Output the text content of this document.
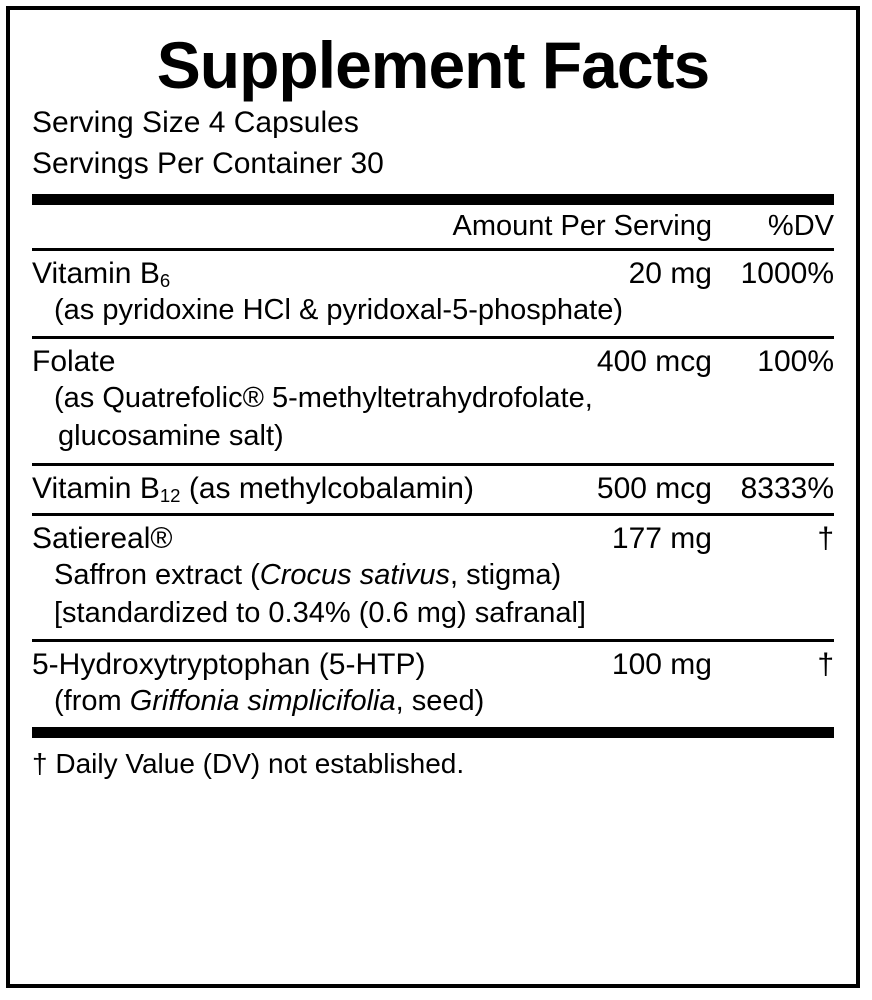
Supplement Facts
Serving Size 4 Capsules
Servings Per Container 30
Amount Per Serving	%DV
Vitamin $B_6$	20 mg 1000%
(as pyridoxine HCl & pyridoxal-5-phosphate)
Folate	400 mcg	100%
(as Quatrefolic® 5-methyltetrahydrofolate,
glucosamine salt)
Vitamin $B_{12}$ (as methylcobalamin)	500 mcg 8333%
Satiereal®	177 mg	†
Saffron extract (Crocus sativus, stigma)
[standardized to 0.34% (0.6 mg) safranal]
5-Hydroxytryptophan (5-HTP)	100 mg	†
(from Griffonia simplicifolia, seed)
† Daily Value (DV) not established.
